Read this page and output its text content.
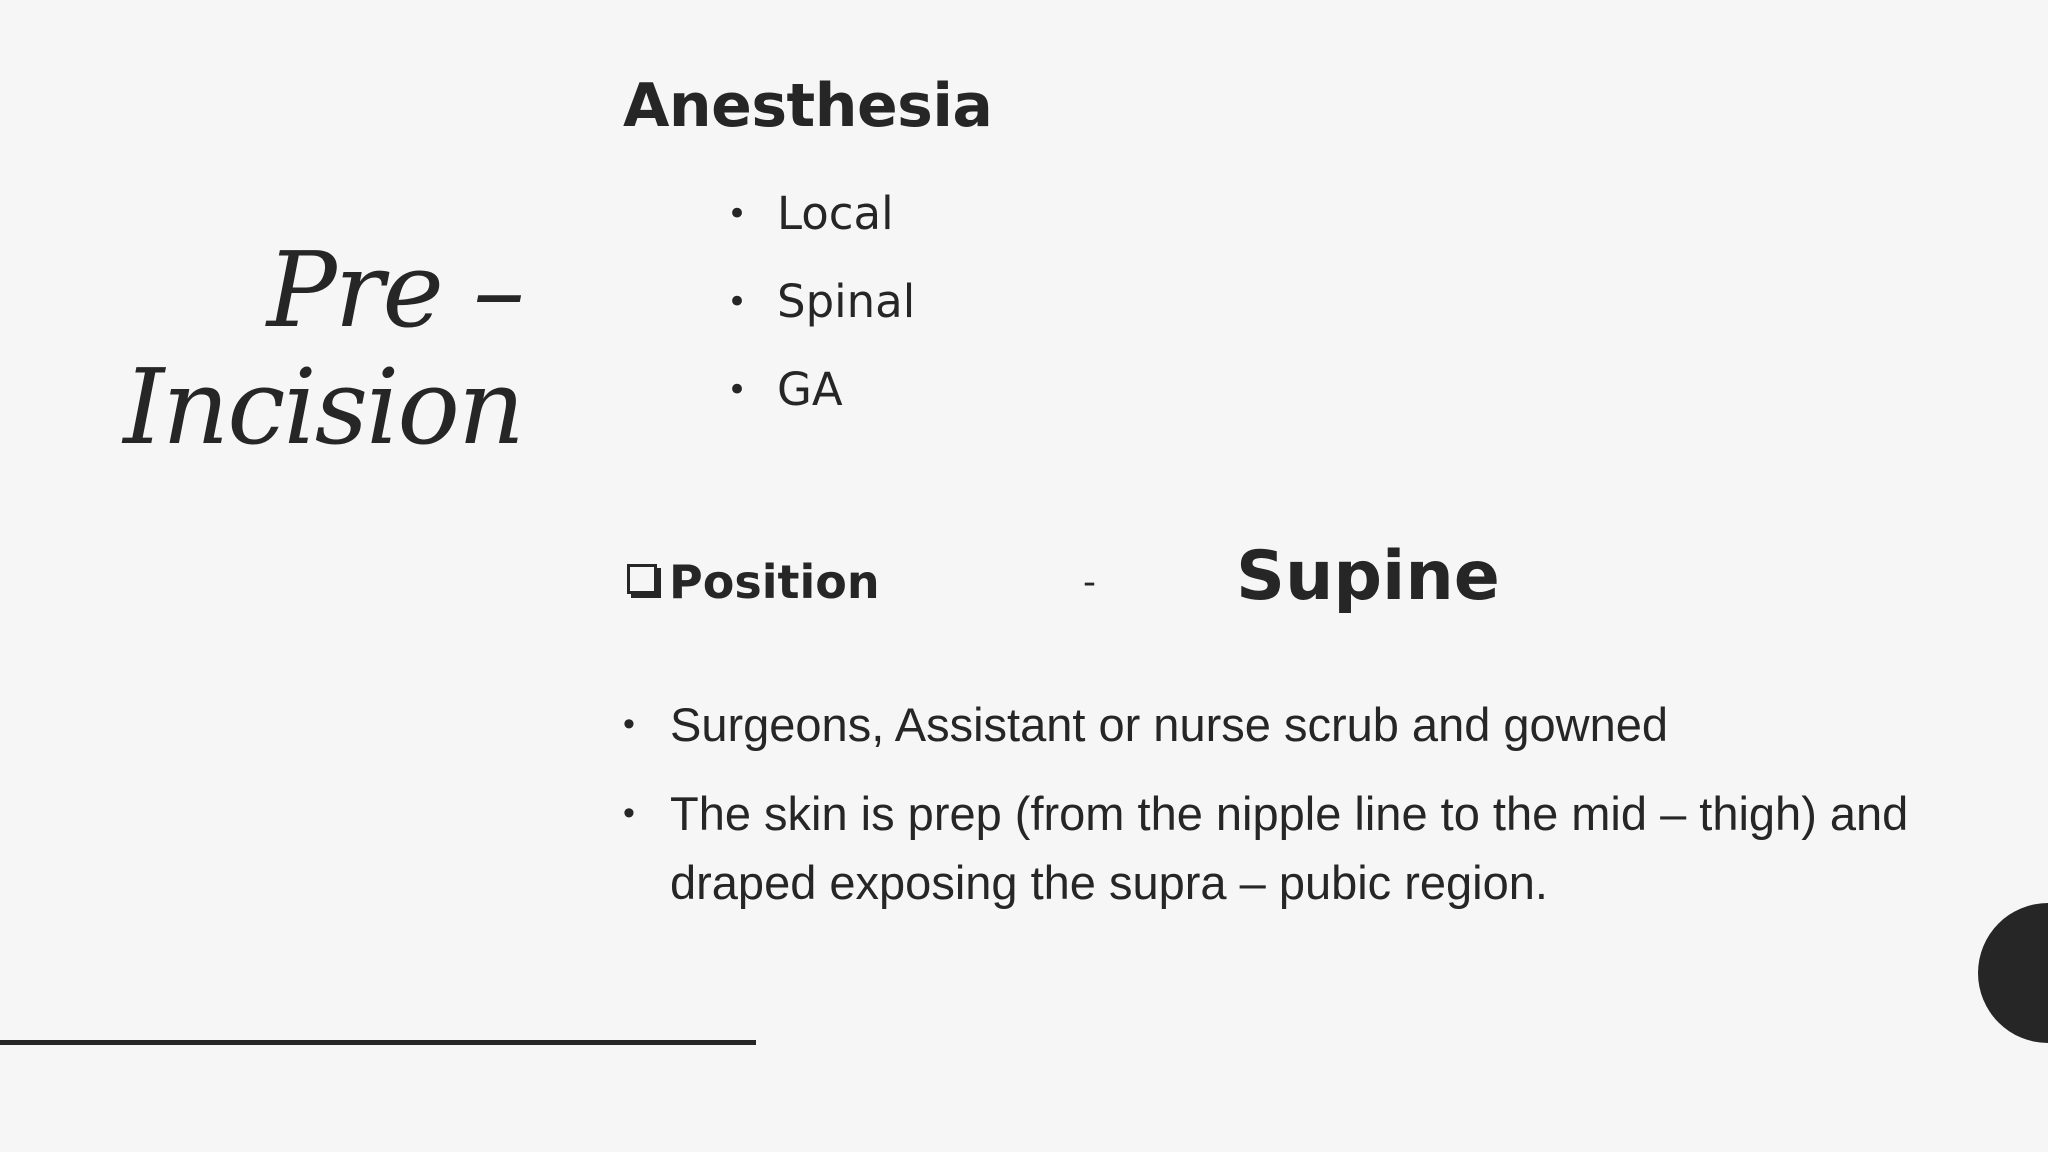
Pre –
Incision
Anesthesia
• Local
• Spinal
• GA
Position	- Supine
• Surgeons, Assistant or nurse scrub and gowned
• The skin is prep (from the nipple line to the mid – thigh) and draped exposing the supra – pubic region.
